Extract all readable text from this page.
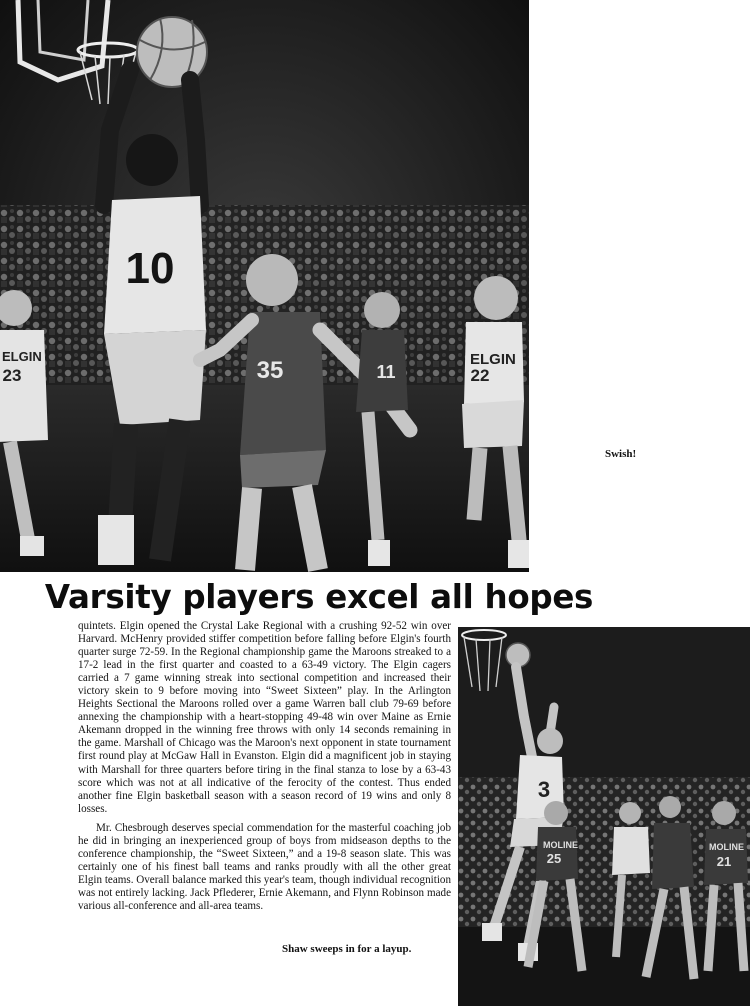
10
35
ELGIN
23	11
ELGIN
22
Swish!
Varsity players excel all hopes

quintets. Elgin opened the Crystal Lake Regional with a crushing 92-52 win over Harvard. McHenry provided stiffer competition before falling before Elgin's fourth quarter surge 72-59. In the Regional championship game the Maroons streaked to a 17-2 lead in the first quarter and coasted to a 63-49 victory. The Elgin cagers carried a 7 game winning streak into sectional competition and increased their victory skein to 9 before moving into “Sweet Sixteen” play. In the Arlington Heights Sectional the Maroons rolled over a game Warren ball club 79-69 before annexing the championship with a heart-stopping 49-48 win over Maine as Ernie Akemann dropped in the winning free throws with only 14 seconds remaining in the game. Marshall of Chicago was the Maroon's next opponent in state tournament first round play at McGaw Hall in Evanston. Elgin did a magnificent job in staying with Marshall for three quarters before tiring in the final stanza to lose by a 63-43 score which was not at all indicative of the ferocity of the contest. Thus ended another fine Elgin basketball season with a season record of 19 wins and only 8 losses.

Mr. Chesbrough deserves special commendation for the masterful coaching job he did in bringing an inexperienced group of boys from midseason depths to the conference championship, the “Sweet Sixteen,” and a 19-8 season slate. This was certainly one of his finest ball teams and ranks proudly with all the other great Elgin teams. Overall balance marked this year's team, though individual recognition was not entirely lacking. Jack Pflederer, Ernie Akemann, and Flynn Robinson made various all-conference and all-area teams.

3
MOLINE
25
MOLINE
21
Shaw sweeps in for a layup.
